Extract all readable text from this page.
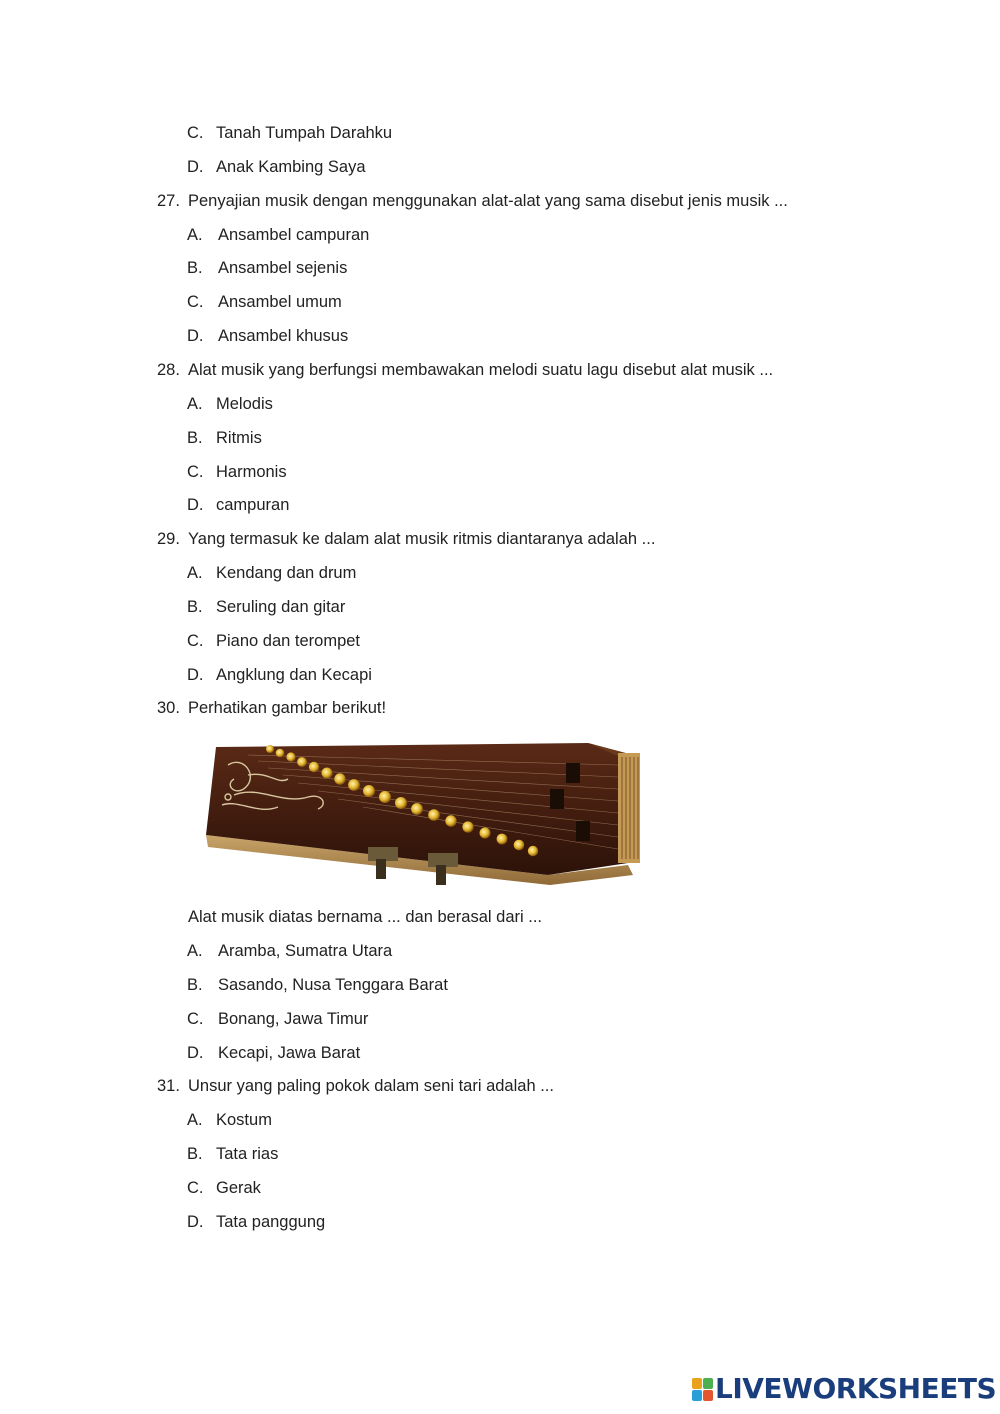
C. Tanah Tumpah Darahku
D. Anak Kambing Saya
27. Penyajian musik dengan menggunakan alat-alat yang sama disebut jenis musik ...
A. Ansambel campuran
B. Ansambel sejenis
C. Ansambel umum
D. Ansambel khusus
28. Alat musik yang berfungsi membawakan melodi suatu lagu disebut alat musik ...
A. Melodis
B. Ritmis
C. Harmonis
D. campuran
29. Yang termasuk ke dalam alat musik ritmis diantaranya adalah ...
A. Kendang dan drum
B. Seruling dan gitar
C. Piano dan terompet
D. Angklung dan Kecapi
30. Perhatikan gambar berikut!
Alat musik diatas bernama ... dan berasal dari ...
A. Aramba, Sumatra Utara
B. Sasando, Nusa Tenggara Barat
C. Bonang, Jawa Timur
D. Kecapi, Jawa Barat
31. Unsur yang paling pokok dalam seni tari adalah ...
A. Kostum
B. Tata rias
C. Gerak
D. Tata panggung
LIVEWORKSHEETS
